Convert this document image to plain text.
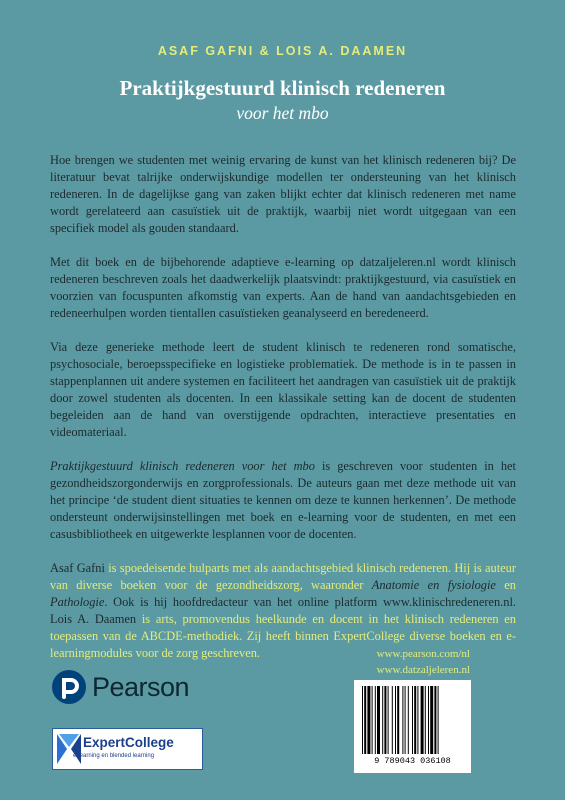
ASAF GAFNI & LOIS A. DAAMEN
Praktijkgestuurd klinisch redeneren
voor het mbo

Hoe brengen we studenten met weinig ervaring de kunst van het klinisch redeneren bij? De literatuur bevat talrijke onderwijskundige modellen ter ondersteuning van het klinisch redeneren. In de dagelijkse gang van zaken blijkt echter dat klinisch redeneren met name wordt gerelateerd aan casuïstiek uit de praktijk, waarbij niet wordt uitgegaan van een specifiek model als gouden standaard.

Met dit boek en de bijbehorende adaptieve e-learning op datzaljeleren.nl wordt klinisch redeneren beschreven zoals het daadwerkelijk plaatsvindt: praktijkgestuurd, via casuïstiek en voorzien van focuspunten afkomstig van experts. Aan de hand van aandachtsgebieden en redeneerhulpen worden tientallen casuïstieken geanalyseerd en beredeneerd.

Via deze generieke methode leert de student klinisch te redeneren rond somatische, psychosociale, beroepsspecifieke en logistieke problematiek. De methode is in te passen in stappenplannen uit andere systemen en faciliteert het aandragen van casuïstiek uit de praktijk door zowel studenten als docenten. In een klassikale setting kan de docent de studenten begeleiden aan de hand van overstijgende opdrachten, interactieve presentaties en videomateriaal.

Praktijkgestuurd klinisch redeneren voor het mbo is geschreven voor studenten in het gezondheidszorgonderwijs en zorgprofessionals. De auteurs gaan met deze methode uit van het principe ‘de student dient situaties te kennen om deze te kunnen herkennen’. De methode ondersteunt onderwijsinstellingen met boek en e-learning voor de studenten, en met een casusbibliotheek en uitgewerkte lesplannen voor de docenten.

Asaf Gafni is spoedeisende hulparts met als aandachtsgebied klinisch redeneren. Hij is auteur van diverse boeken voor de gezondheidszorg, waaronder Anatomie en fysiologie en Pathologie. Ook is hij hoofdredacteur van het online platform www.klinischredeneren.nl. Lois A. Daamen is arts, promovendus heelkunde en docent in het klinisch redeneren en toepassen van de ABCDE-methodiek. Zij heeft binnen ExpertCollege diverse boeken en e-learningmodules voor de zorg geschreven.	www.pearson.com/nl
www.datzaljeleren.nl
Pearson
ExpertCollege
e-learning en blended learning	9 789043 036108
